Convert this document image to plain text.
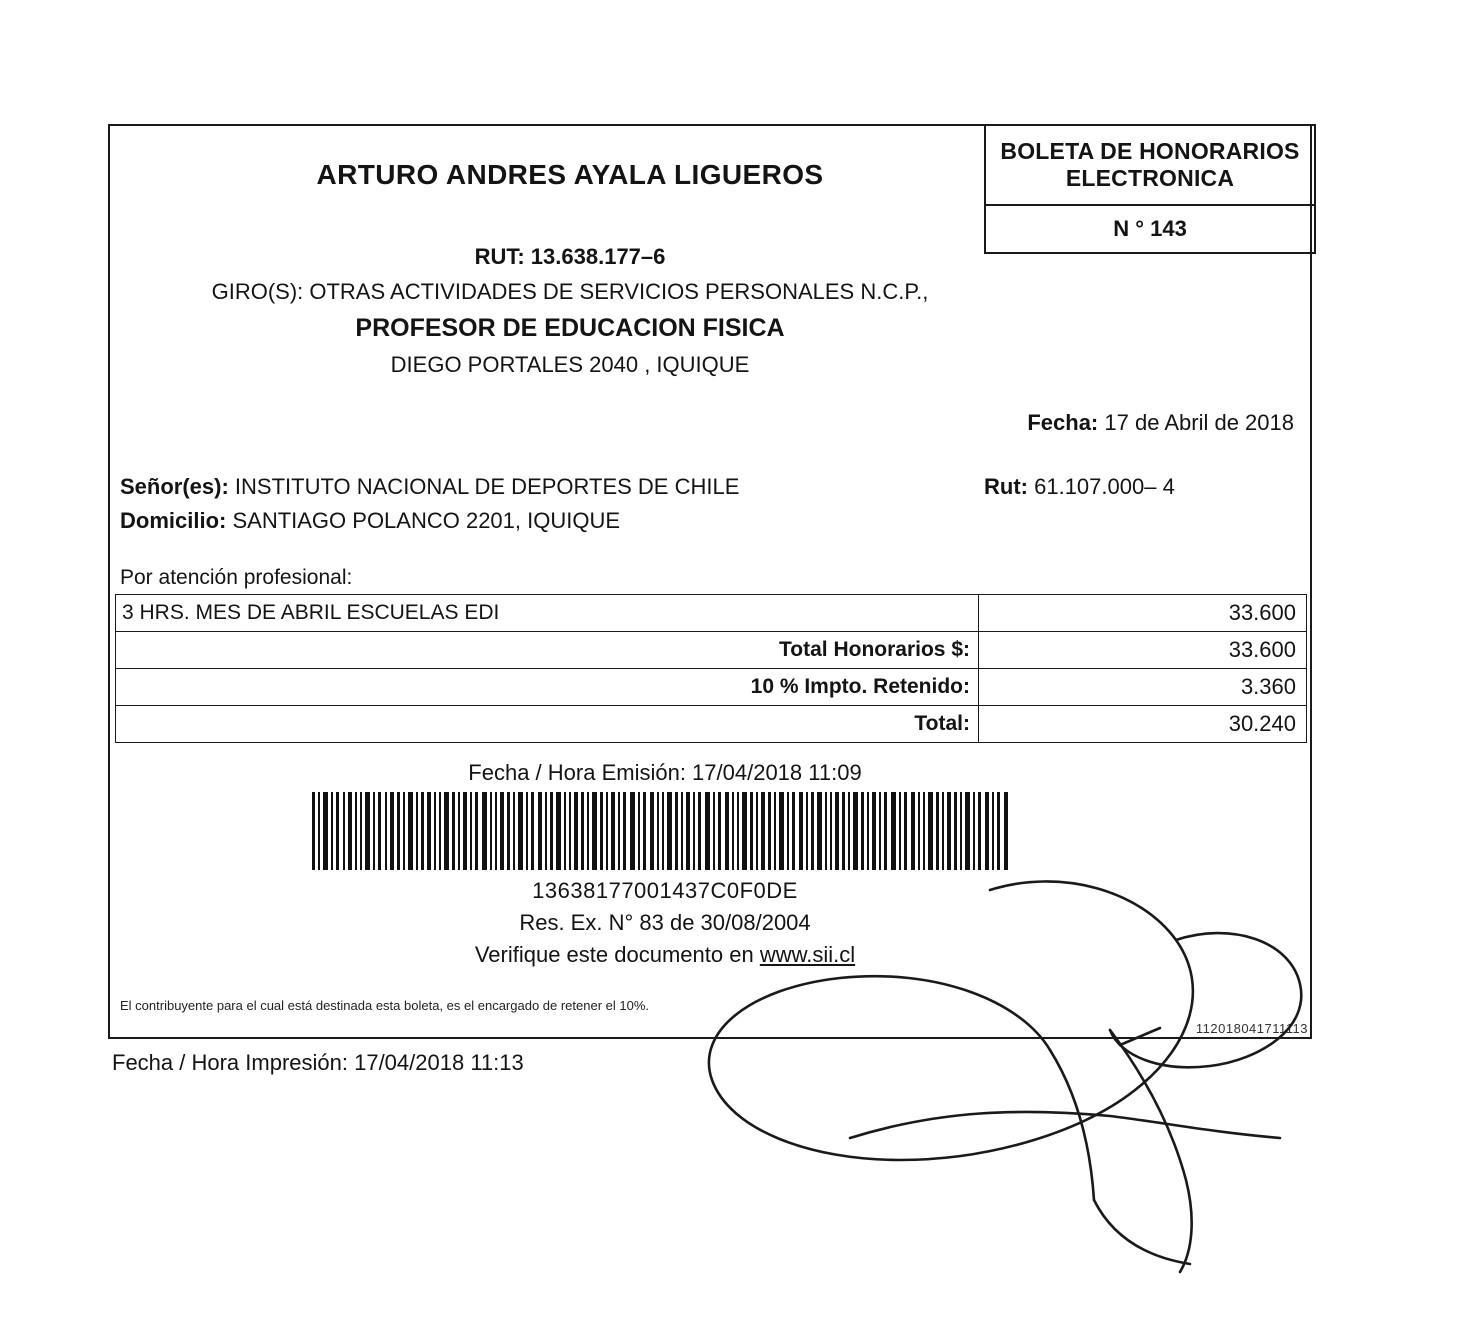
BOLETA DE HONORARIOS ELECTRONICA
N ° 143
ARTURO ANDRES AYALA LIGUEROS
RUT: 13.638.177–6
GIRO(S): OTRAS ACTIVIDADES DE SERVICIOS PERSONALES N.C.P.,
PROFESOR DE EDUCACION FISICA
DIEGO PORTALES 2040 , IQUIQUE
Fecha: 17 de Abril de 2018
Señor(es): INSTITUTO NACIONAL DE DEPORTES DE CHILE
Domicilio: SANTIAGO POLANCO 2201, IQUIQUE
Rut: 61.107.000– 4
Por atención profesional:
3 HRS. MES DE ABRIL ESCUELAS EDI	33.600
Total Honorarios $:	33.600
10 % Impto. Retenido:	3.360
Total:	30.240
Fecha / Hora Emisión: 17/04/2018 11:09
13638177001437C0F0DE
Res. Ex. N° 83 de 30/08/2004
Verifique este documento en www.sii.cl
El contribuyente para el cual está destinada esta boleta, es el encargado de retener el 10%.
112018041711113
Fecha / Hora Impresión: 17/04/2018 11:13
